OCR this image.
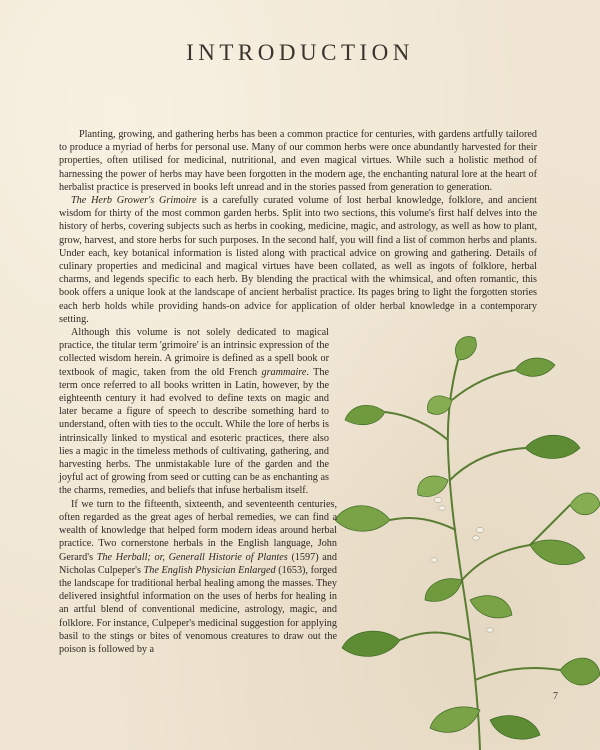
INTRODUCTION

Planting, growing, and gathering herbs has been a common practice for centuries, with gardens artfully tailored to produce a myriad of herbs for personal use. Many of our common herbs were once abundantly harvested for their properties, often utilised for medicinal, nutritional, and even magical virtues. While such a holistic method of harnessing the power of herbs may have been forgotten in the modern age, the enchanting natural lore at the heart of herbalist practice is preserved in books left unread and in the stories passed from generation to generation.

The Herb Grower's Grimoire is a carefully curated volume of lost herbal knowledge, folklore, and ancient wisdom for thirty of the most common garden herbs. Split into two sections, this volume's first half delves into the history of herbs, covering subjects such as herbs in cooking, medicine, magic, and astrology, as well as how to plant, grow, harvest, and store herbs for such purposes. In the second half, you will find a list of common herbs and plants. Under each, key botanical information is listed along with practical advice on growing and gathering. Details of culinary properties and medicinal and magical virtues have been collated, as well as ingots of folklore, herbal charms, and legends specific to each herb. By blending the practical with the whimsical, and often romantic, this book offers a unique look at the landscape of ancient herbalist practice. Its pages bring to light the forgotten stories each herb holds while providing hands-on advice for application of older herbal knowledge in a contemporary setting.

Although this volume is not solely dedicated to magical practice, the titular term 'grimoire' is an intrinsic expression of the collected wisdom herein. A grimoire is defined as a spell book or textbook of magic, taken from the old French grammaire. The term once referred to all books written in Latin, however, by the eighteenth century it had evolved to define texts on magic and later became a figure of speech to describe something hard to understand, often with ties to the occult. While the lore of herbs is intrinsically linked to mystical and esoteric practices, there also lies a magic in the timeless methods of cultivating, gathering, and harvesting herbs. The unmistakable lure of the garden and the joyful act of growing from seed or cutting can be as enchanting as the charms, remedies, and beliefs that infuse herbalism itself.

If we turn to the fifteenth, sixteenth, and seventeenth centuries, often regarded as the great ages of herbal remedies, we can find a wealth of knowledge that helped form modern ideas around herbal practice. Two cornerstone herbals in the English language, John Gerard's The Herball; or, Generall Historie of Plantes (1597) and Nicholas Culpeper's The English Physician Enlarged (1653), forged the landscape for traditional herbal healing among the masses. They delivered insightful information on the uses of herbs for healing in an artful blend of conventional medicine, astrology, magic, and folklore. For instance, Culpeper's medicinal suggestion for applying basil to the stings or bites of venomous creatures to draw out the poison is followed by a

7
